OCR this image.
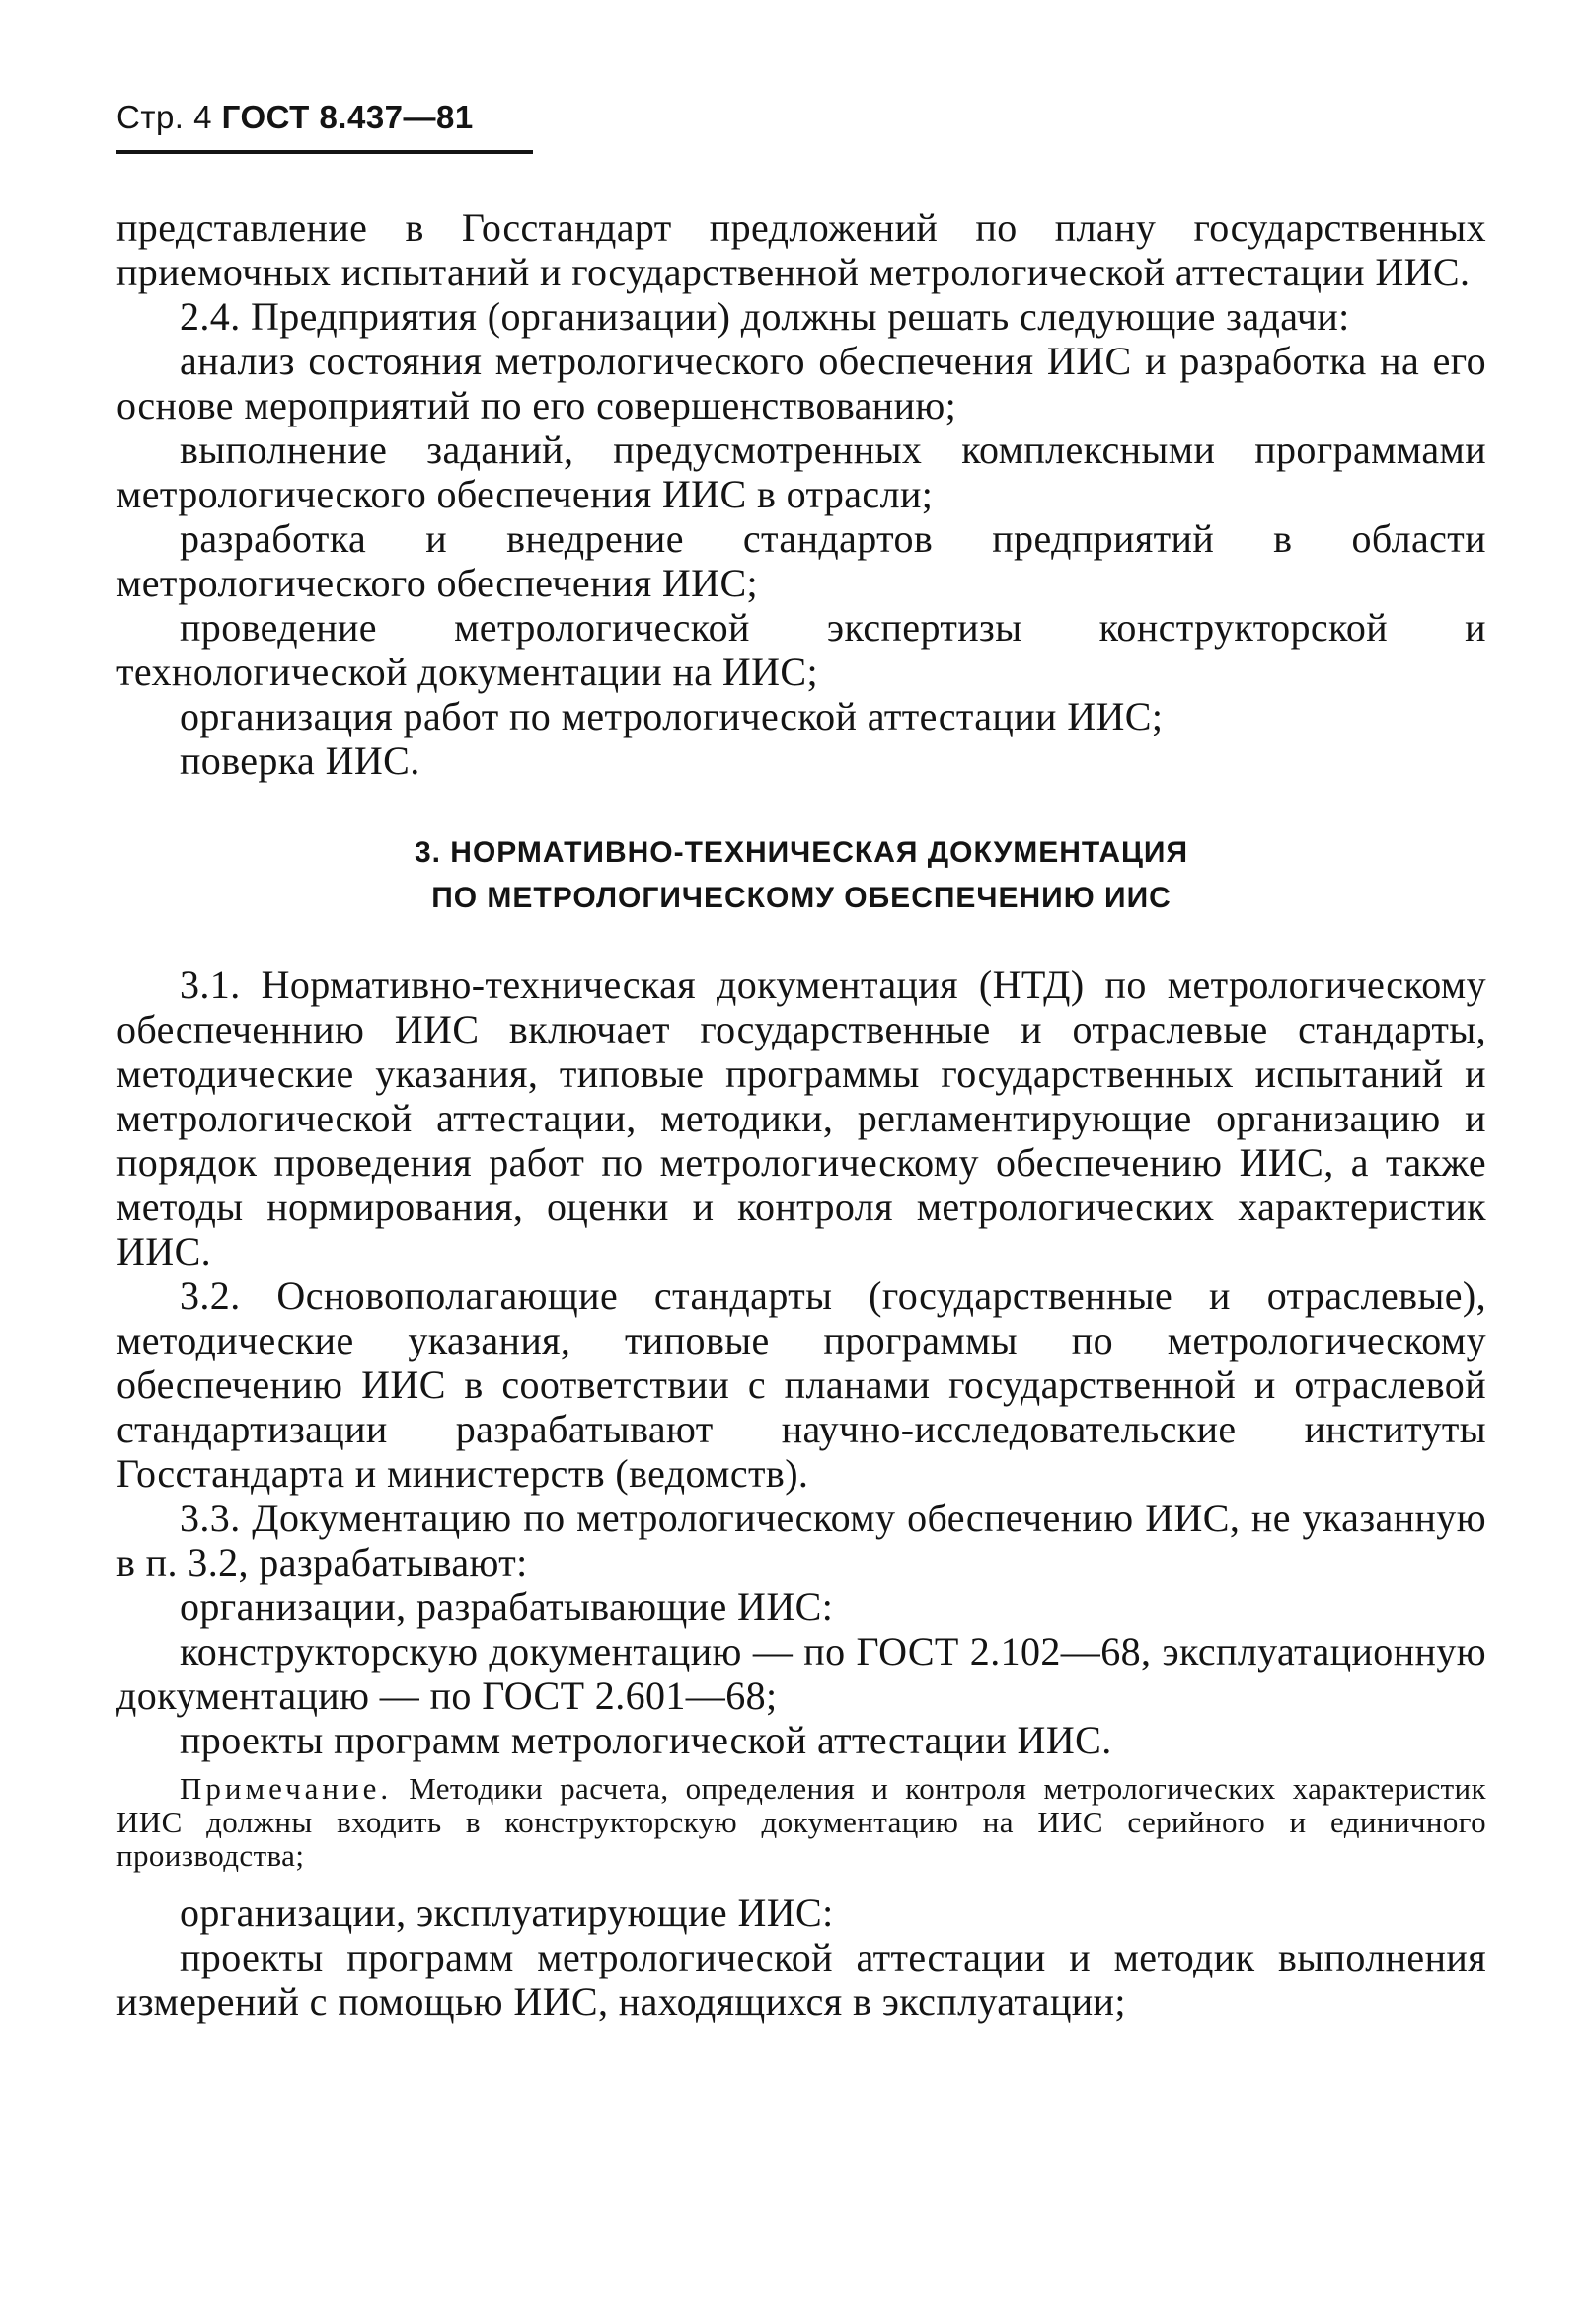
Стр. 4 ГОСТ 8.437—81

представление в Госстандарт предложений по плану государственных приемочных испытаний и государственной метрологической аттестации ИИС.

2.4. Предприятия (организации) должны решать следующие задачи:

анализ состояния метрологического обеспечения ИИС и разработка на его основе мероприятий по его совершенствованию;

выполнение заданий, предусмотренных комплексными программами метрологического обеспечения ИИС в отрасли;

разработка и внедрение стандартов предприятий в области метрологического обеспечения ИИС;

проведение метрологической экспертизы конструкторской и технологической документации на ИИС;

организация работ по метрологической аттестации ИИС;

поверка ИИС.

3. НОРМАТИВНО-ТЕХНИЧЕСКАЯ ДОКУМЕНТАЦИЯ
ПО МЕТРОЛОГИЧЕСКОМУ ОБЕСПЕЧЕНИЮ ИИС

3.1. Нормативно-техническая документация (НТД) по метрологическому обеспеченнию ИИС включает государственные и отраслевые стандарты, методические указания, типовые программы государственных испытаний и метрологической аттестации, методики, регламентирующие организацию и порядок проведения работ по метрологическому обеспечению ИИС, а также методы нормирования, оценки и контроля метрологических характеристик ИИС.

3.2. Основополагающие стандарты (государственные и отраслевые), методические указания, типовые программы по метрологическому обеспечению ИИС в соответствии с планами государственной и отраслевой стандартизации разрабатывают научно-исследовательские институты Госстандарта и министерств (ведомств).

3.3. Документацию по метрологическому обеспечению ИИС, не указанную в п. 3.2, разрабатывают:

организации, разрабатывающие ИИС:

конструкторскую документацию — по ГОСТ 2.102—68, эксплуатационную документацию — по ГОСТ 2.601—68;

проекты программ метрологической аттестации ИИС.

Примечание. Методики расчета, определения и контроля метрологических характеристик ИИС должны входить в конструкторскую документацию на ИИС серийного и единичного производства;

организации, эксплуатирующие ИИС:

проекты программ метрологической аттестации и методик выполнения измерений с помощью ИИС, находящихся в эксплуатации;
